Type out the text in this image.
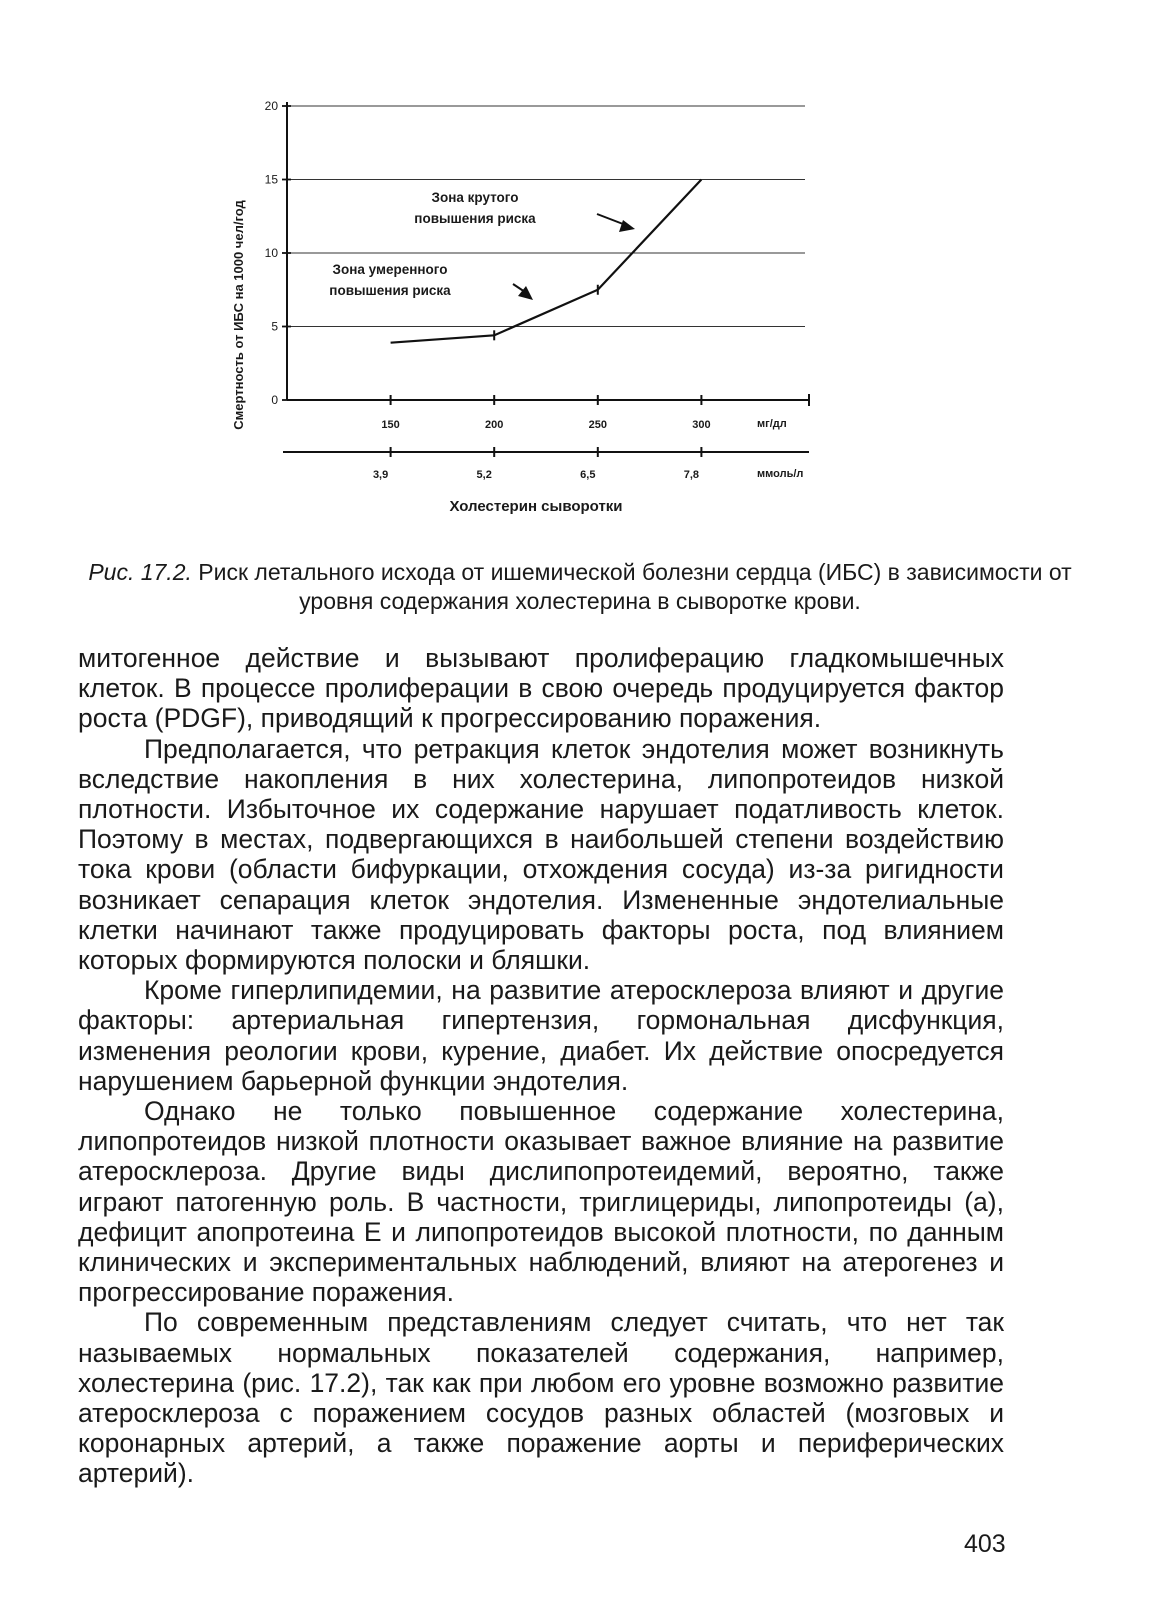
0
5
10
15
20
150	200	250	300	мг/дл
3,9	5,2	6,5	7,8	ммоль/л
Зона крутого
повышения риска
Зона умеренного
повышения риска
Смертность от ИБС на 1000 чел/год
Холестерин сыворотки
Рис. 17.2. Риск летального исхода от ишемической болезни сердца (ИБС) в зависимости от уровня содержания холестерина в сыворотке крови.

митогенное действие и вызывают пролиферацию гладкомышечных клеток. В процессе пролиферации в свою очередь продуцируется фактор роста (PDGF), приводящий к прогрессированию поражения.

Предполагается, что ретракция клеток эндотелия может возникнуть вследствие накопления в них холестерина, липопротеидов низкой плотности. Избыточное их содержание нарушает податливость клеток. Поэтому в местах, подвергающихся в наибольшей степени воздействию тока крови (области бифуркации, отхождения сосуда) из-за ригидности возникает сепарация клеток эндотелия. Измененные эндотелиальные клетки начинают также продуцировать факторы роста, под влиянием которых формируются полоски и бляшки.

Кроме гиперлипидемии, на развитие атеросклероза влияют и другие факторы: артериальная гипертензия, гормональная дисфункция, изменения реологии крови, курение, диабет. Их действие опосредуется нарушением барьерной функции эндотелия.

Однако не только повышенное содержание холестерина, липопротеидов низкой плотности оказывает важное влияние на развитие атеросклероза. Другие виды дислипопротеидемий, вероятно, также играют патогенную роль. В частности, триглицериды, липопротеиды (а), дефицит апопротеина Е и липопротеидов высокой плотности, по данным клинических и экспериментальных наблюдений, влияют на атерогенез и прогрессирование поражения.

По современным представлениям следует считать, что нет так называемых нормальных показателей содержания, например, холестерина (рис. 17.2), так как при любом его уровне возможно развитие атеросклероза с поражением сосудов разных областей (мозговых и коронарных артерий, а также поражение аорты и периферических артерий).

403
